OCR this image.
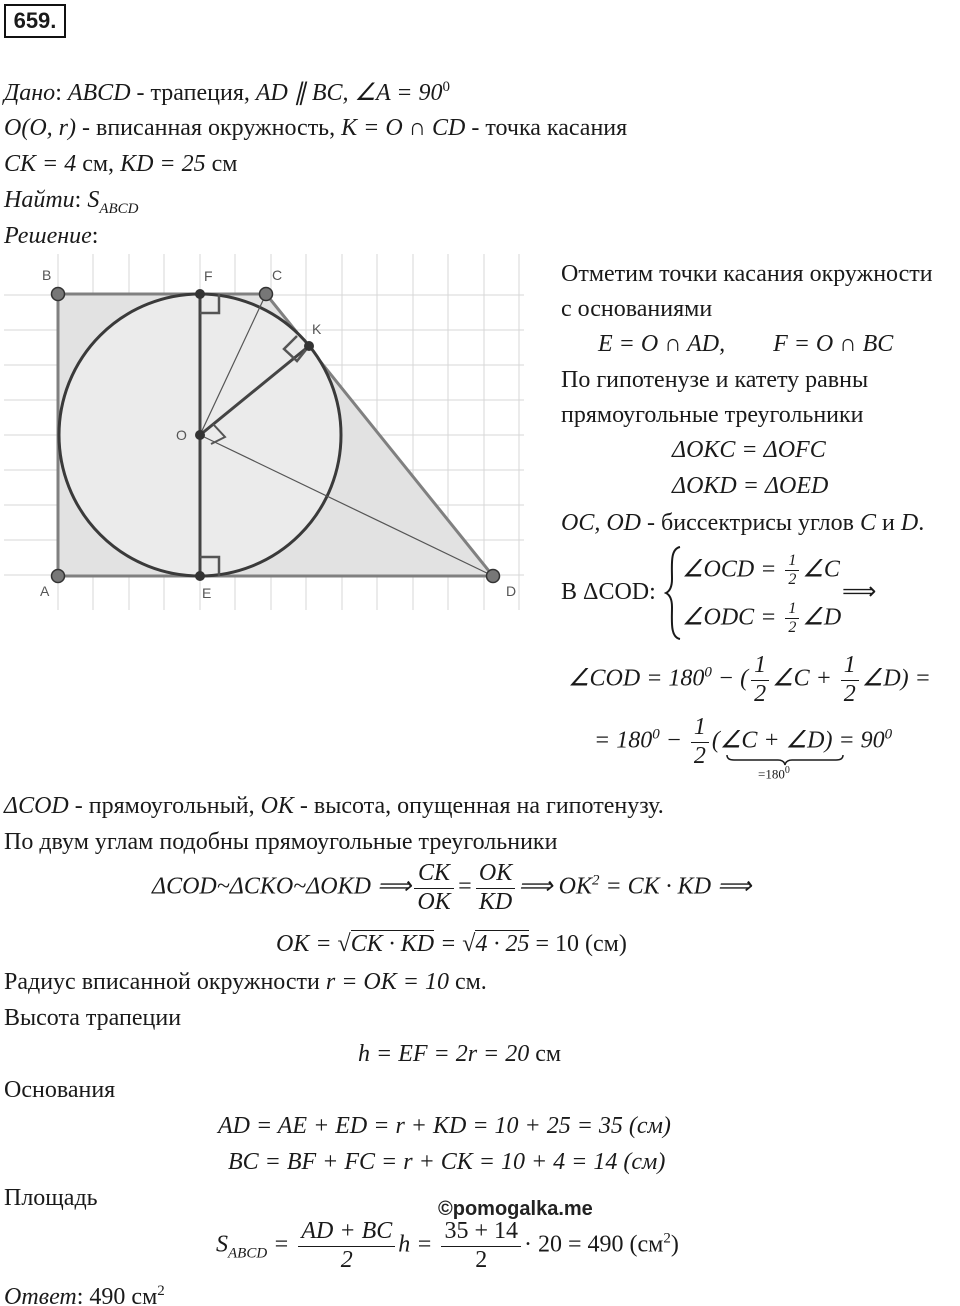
659.
Дано: ABCD - трапеция, AD ∥ BC, ∠A = $90^0$
O(O, r) - вписанная окружность, K = O ∩ CD - точка касания
CK = 4 см, KD = 25 см
Найти: $S_{ABCD}$
Решение:
B	F	C
K
O
A	E	D
Отметим точки касания окружности
с основаниями
E = O ∩ AD,        F = O ∩ BC
По гипотенузе и катету равны
прямоугольные треугольники
ΔOKC = ΔOFC
ΔOKD = ΔOED
OC, OD - биссектрисы углов C и D.
В ΔCOD:
∠OCD = $\frac{1}{2}$ ∠C
∠ODC = $\frac{1}{2}$ ∠D
⟹
∠COD = $180^0$ − ( $\frac{1}{2}$ ∠C + $\frac{1}{2}$ ∠D) =
= $180^0 - \frac{1}{2}$ (∠C + ∠D) = $90^0$
$=180^0$
ΔCOD - прямоугольный, OK - высота, опущенная на гипотенузу.
По двум углам подобны прямоугольные треугольники
ΔCOD~ΔCKO~ΔOKD ⟹ $\frac{CK}{OK} = \frac{OK}{KD}$ ⟹ $OK^2$ = CK · KD ⟹
OK = √CK · KD = √4 · 25 = 10 (см)
Радиус вписанной окружности r = OK = 10 см.
Высота трапеции
h = EF = 2r = 20 см
Основания
AD = AE + ED = r + KD = 10 + 25 = 35 (см)
BC = BF + FC = r + CK = 10 + 4 = 14 (см)
Площадь	©pomogalka.me
$S_{ABCD} = \frac{AD + BC}{2}$ $h = \frac{35 + 14}{2} \cdot 20 = 490$ $(см^2)$
Ответ: 490 $см^2$
